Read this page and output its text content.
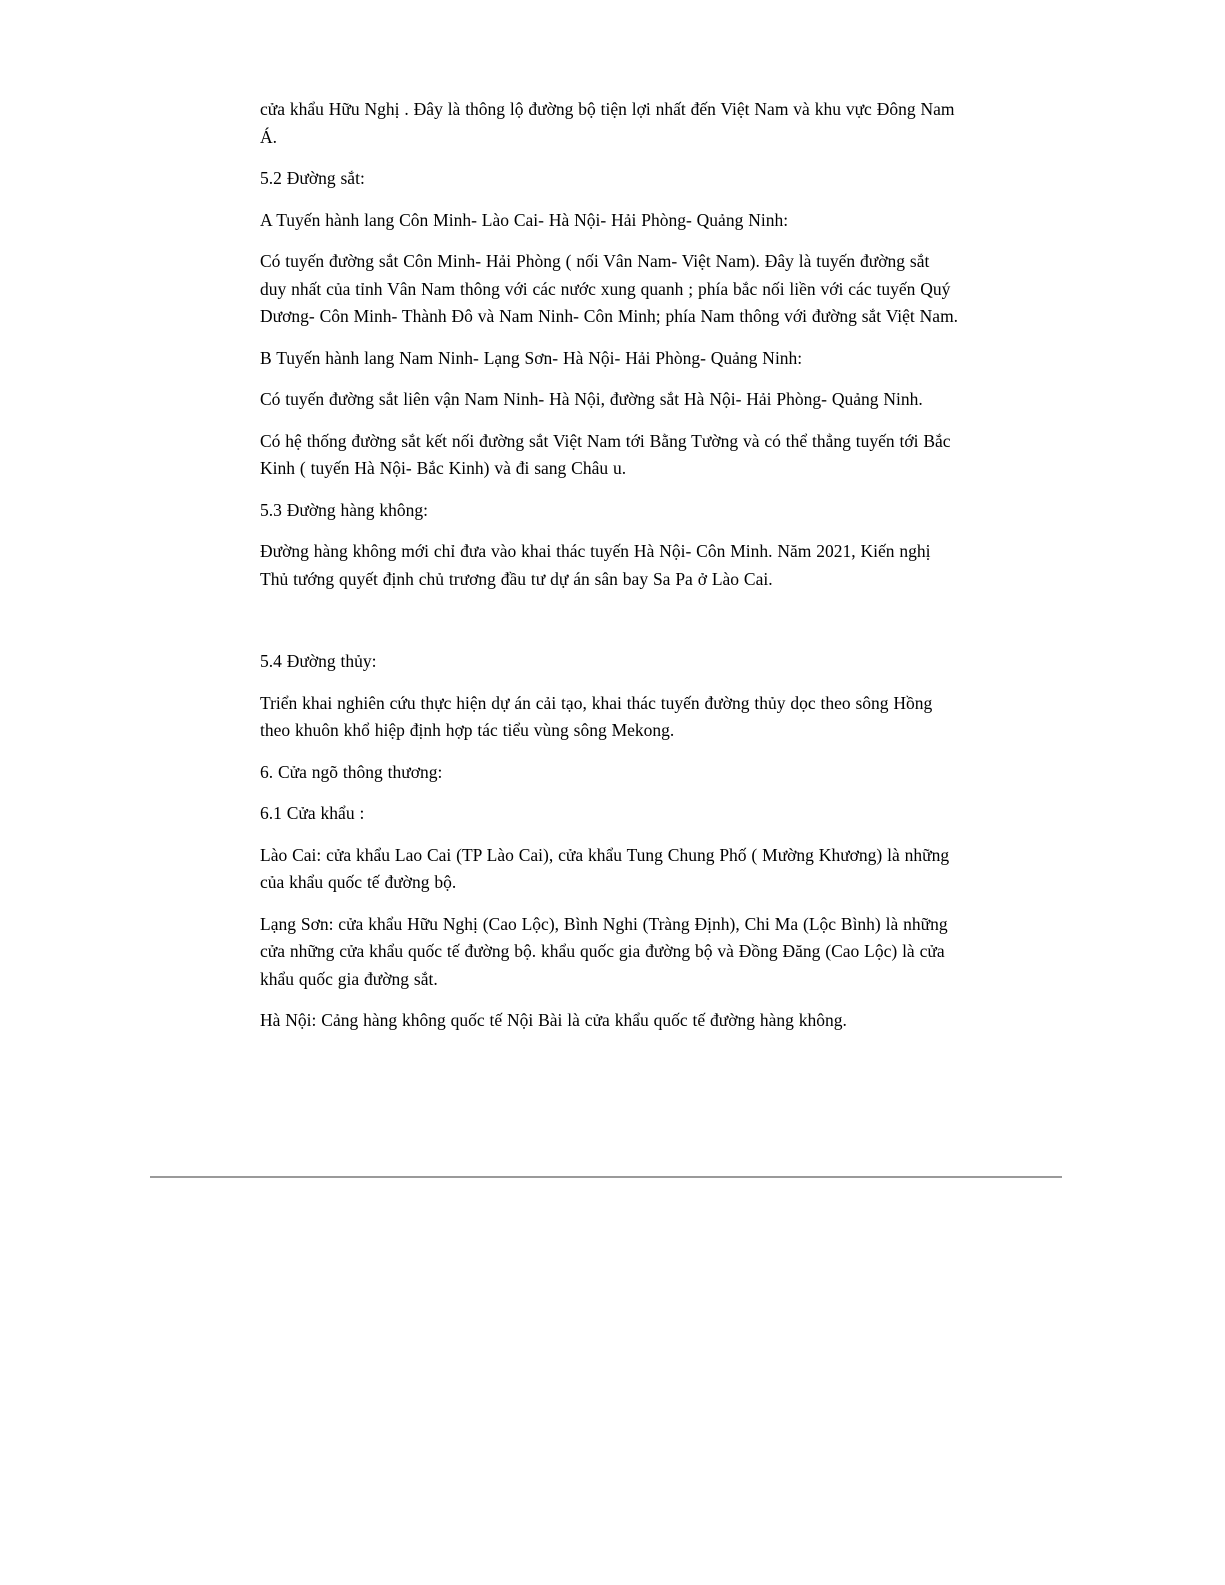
cửa khẩu Hữu Nghị . Đây là thông lộ đường bộ tiện lợi nhất đến Việt Nam và khu vực Đông Nam Á.

5.2 Đường sắt:

A Tuyến hành lang Côn Minh- Lào Cai- Hà Nội- Hải Phòng- Quảng Ninh:

Có tuyến đường sắt Côn Minh- Hải Phòng ( nối Vân Nam- Việt Nam). Đây là tuyến đường sắt duy nhất của tỉnh Vân Nam thông với các nước xung quanh ; phía bắc nối liền với các tuyến Quý Dương- Côn Minh- Thành Đô và Nam Ninh- Côn Minh; phía Nam thông với đường sắt Việt Nam.

B Tuyến hành lang Nam Ninh- Lạng Sơn- Hà Nội- Hải Phòng- Quảng Ninh:

Có tuyến đường sắt liên vận Nam Ninh- Hà Nội, đường sắt Hà Nội- Hải Phòng- Quảng Ninh.

Có hệ thống đường sắt kết nối đường sắt Việt Nam tới Bằng Tường và có thể thẳng tuyến tới Bắc Kinh ( tuyến Hà Nội- Bắc Kinh) và đi sang Châu u.

5.3 Đường hàng không:

Đường hàng không mới chỉ đưa vào khai thác tuyến Hà Nội- Côn Minh. Năm 2021, Kiến nghị Thủ tướng quyết định chủ trương đầu tư dự án sân bay Sa Pa ở Lào Cai.

5.4 Đường thủy:

Triển khai nghiên cứu thực hiện dự án cải tạo, khai thác tuyến đường thủy dọc theo sông Hồng theo khuôn khổ hiệp định hợp tác tiểu vùng sông Mekong.

6. Cửa ngõ thông thương:

6.1 Cửa khẩu :

Lào Cai: cửa khẩu Lao Cai (TP Lào Cai), cửa khẩu Tung Chung Phố ( Mường Khương) là những của khẩu quốc tế đường bộ.

Lạng Sơn: cửa khẩu Hữu Nghị (Cao Lộc), Bình Nghi (Tràng Định), Chi Ma (Lộc Bình) là những cửa những cửa khẩu quốc tế đường bộ. khẩu quốc gia đường bộ và Đồng Đăng (Cao Lộc) là cửa khẩu quốc gia đường sắt.

Hà Nội: Cảng hàng không quốc tế Nội Bài là cửa khẩu quốc tế đường hàng không.
